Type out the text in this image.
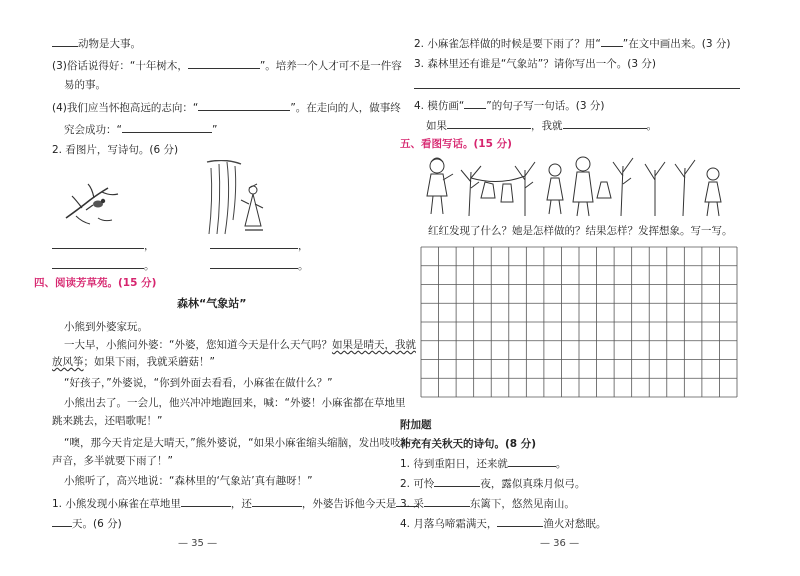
动物是大事。
(3)俗话说得好：“十年树木，	”。培养一个人才可不是一件容
易的事。
(4)我们应当怀抱高远的志向：“	”。在走向的人，做事终
究会成功：“	”
2. 看图片，写诗句。(6 分)
，	，
。	。
四、阅读芳草苑。(15 分)
森林“气象站”
小熊到外婆家玩。
一大早，小熊问外婆：“外婆，您知道今天是什么天气吗？如果是晴天，我就
放风筝；如果下雨，我就采蘑菇！”
“好孩子，”外婆说，“你到外面去看看，小麻雀在做什么？”
小熊出去了。一会儿，他兴冲冲地跑回来，喊：“外婆！小麻雀都在草地里
跳来跳去，还唱歌呢！”
“噢，那今天肯定是大晴天，”熊外婆说，“如果小麻雀缩头缩脑，发出吱吱的
声音，多半就要下雨了！”
小熊听了，高兴地说：“森林里的‘气象站’真有趣呀！”
1. 小熊发现小麻雀在草地里	，还	，外婆告诉他今天是
天。(6 分)
— 35 —
2. 小麻雀怎样做的时候是要下雨了？用“ ”在文中画出来。(3 分)
3. 森林里还有谁是“气象站”？请你写出一个。(3 分)
4. 模仿画“ ”的句子写一句话。(3 分)
如果	，我就	。
五、看图写话。(15 分)
红红发现了什么？她是怎样做的？结果怎样？发挥想象。写一写。
附加题
补充有关秋天的诗句。(8 分)
1. 待到重阳日，还来就	。
2. 可怜	夜，露似真珠月似弓。
3. 采	东篱下，悠然见南山。
4. 月落乌啼霜满天，	渔火对愁眠。
— 36 —
